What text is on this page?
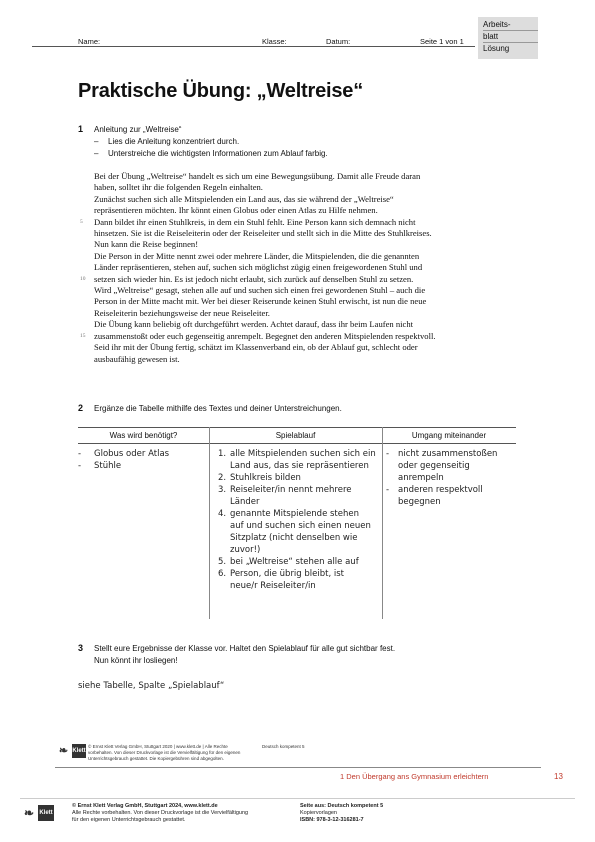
Name:	Klasse:	Datum:	Seite 1 von 1
Arbeits-
blatt
Lösung
Praktische Übung: „Weltreise“
1 Anleitung zur „Weltreise“
– Lies die Anleitung konzentriert durch.
– Unterstreiche die wichtigsten Informationen zum Ablauf farbig.
Bei der Übung „Weltreise“ handelt es sich um eine Bewegungsübung. Damit alle Freude daran
haben, solltet ihr die folgenden Regeln einhalten.
Zunächst suchen sich alle Mitspielenden ein Land aus, das sie während der „Weltreise“
repräsentieren möchten. Ihr könnt einen Globus oder einen Atlas zu Hilfe nehmen.
5 Dann bildet ihr einen Stuhlkreis, in dem ein Stuhl fehlt. Eine Person kann sich demnach nicht
hinsetzen. Sie ist die Reiseleiterin oder der Reiseleiter und stellt sich in die Mitte des Stuhlkreises.
Nun kann die Reise beginnen!
Die Person in der Mitte nennt zwei oder mehrere Länder, die Mitspielenden, die die genannten
Länder repräsentieren, stehen auf, suchen sich möglichst zügig einen freigewordenen Stuhl und
10 setzen sich wieder hin. Es ist jedoch nicht erlaubt, sich zurück auf denselben Stuhl zu setzen.
Wird „Weltreise“ gesagt, stehen alle auf und suchen sich einen frei gewordenen Stuhl – auch die
Person in der Mitte macht mit. Wer bei dieser Reiserunde keinen Stuhl erwischt, ist nun die neue
Reiseleiterin beziehungsweise der neue Reiseleiter.
Die Übung kann beliebig oft durchgeführt werden. Achtet darauf, dass ihr beim Laufen nicht
15 zusammenstoßt oder euch gegenseitig anrempelt. Begegnet den anderen Mitspielenden respektvoll.
Seid ihr mit der Übung fertig, schätzt im Klassenverband ein, ob der Ablauf gut, schlecht oder
ausbaufähig gewesen ist.
2 Ergänze die Tabelle mithilfe des Textes und deiner Unterstreichungen.
Was wird benötigt?	Spielablauf	Umgang miteinander
- Globus oder Atlas
- Stühle
1. alle Mitspielenden suchen sich ein
Land aus, das sie repräsentieren
2. Stuhlkreis bilden
3. Reiseleiter/in nennt mehrere
Länder
4. genannte Mitspielende stehen
auf und suchen sich einen neuen
Sitzplatz (nicht denselben wie
zuvor!)
5. bei „Weltreise“ stehen alle auf
6. Person, die übrig bleibt, ist
neue/r Reiseleiter/in
-	nicht zusammenstoßen
oder gegenseitig
anrempeln
-	anderen respektvoll
begegnen
3 Stellt eure Ergebnisse der Klasse vor. Haltet den Spielablauf für alle gut sichtbar fest.
Nun könnt ihr losliegen!
siehe Tabelle, Spalte „Spielablauf“
❧ Klett
© Ernst Klett Verlag GmbH, Stuttgart 2020 | www.klett.de | Alle Rechte
vorbehalten. Von dieser Druckvorlage ist die Vervielfältigung für den eigenen
Unterrichtsgebrauch gestattet. Die Kopiergebühren sind abgegolten.
Deutsch kompetent 5
1 Den Übergang ans Gymnasium erleichtern	13
❧ Klett
© Ernst Klett Verlag GmbH, Stuttgart 2024, www.klett.de
Alle Rechte vorbehalten. Von dieser Druckvorlage ist die Vervielfältigung
für den eigenen Unterrichtsgebrauch gestattet.
Seite aus: Deutsch kompetent 5
Kopiervorlagen
ISBN: 978-3-12-316281-7
